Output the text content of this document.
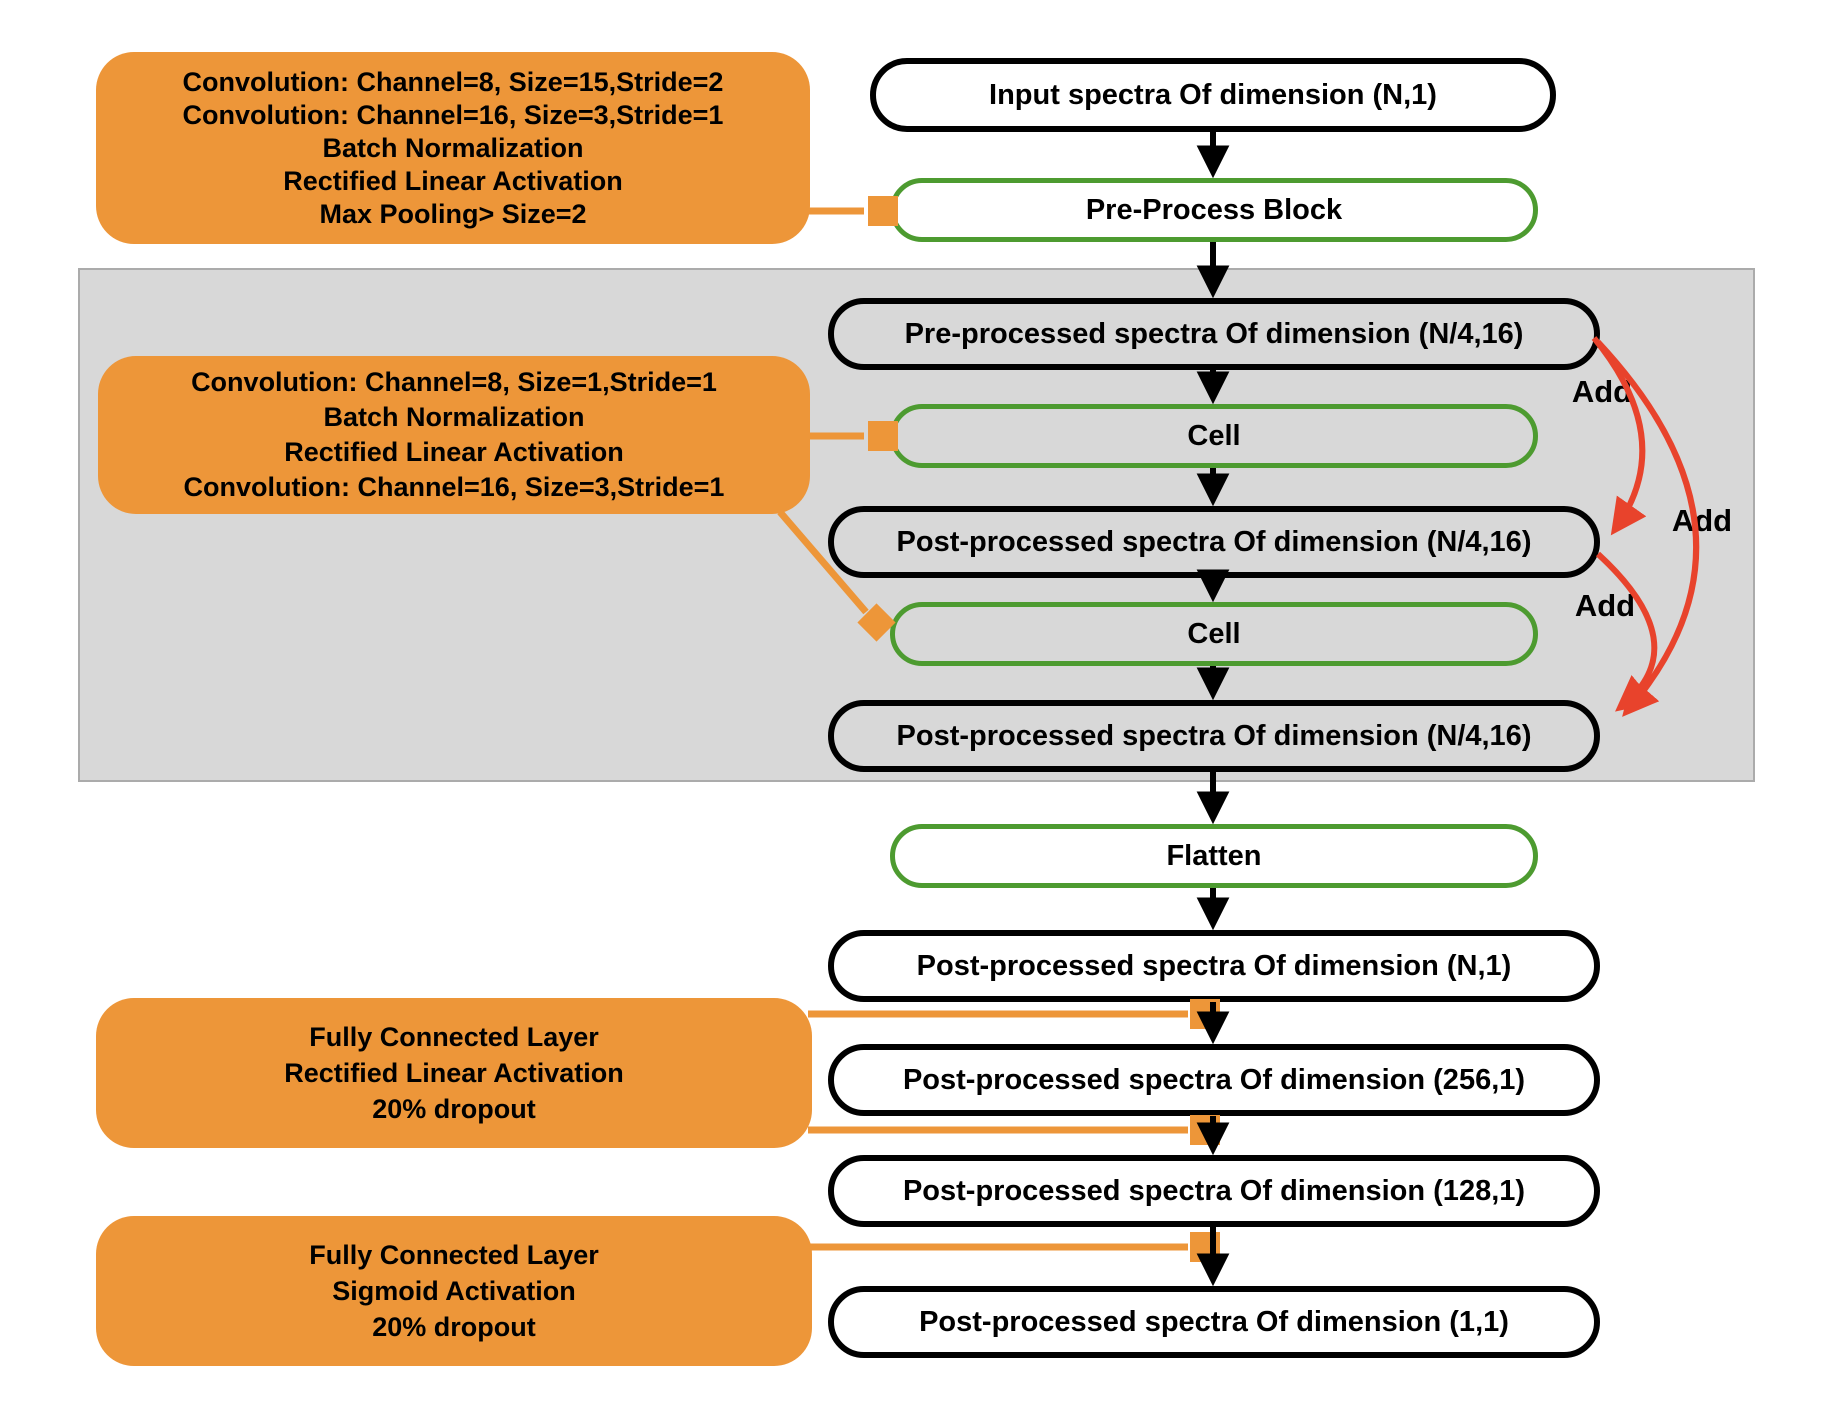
Input spectra Of dimension (N,1)
Pre-Process Block
Pre-processed spectra Of dimension (N/4,16)
Cell
Post-processed spectra Of dimension (N/4,16)
Cell
Post-processed spectra Of dimension (N/4,16)
Flatten
Post-processed spectra Of dimension (N,1)
Post-processed spectra Of dimension (256,1)
Post-processed spectra Of dimension (128,1)
Post-processed spectra Of dimension (1,1)
Convolution: Channel=8, Size=15,Stride=2
Convolution: Channel=16, Size=3,Stride=1
Batch Normalization
Rectified Linear Activation
Max Pooling> Size=2
Convolution: Channel=8, Size=1,Stride=1
Batch Normalization
Rectified Linear Activation
Convolution: Channel=16, Size=3,Stride=1
Fully Connected Layer
Rectified Linear Activation
20% dropout
Fully Connected Layer
Sigmoid Activation
20% dropout
Add
Add
Add
